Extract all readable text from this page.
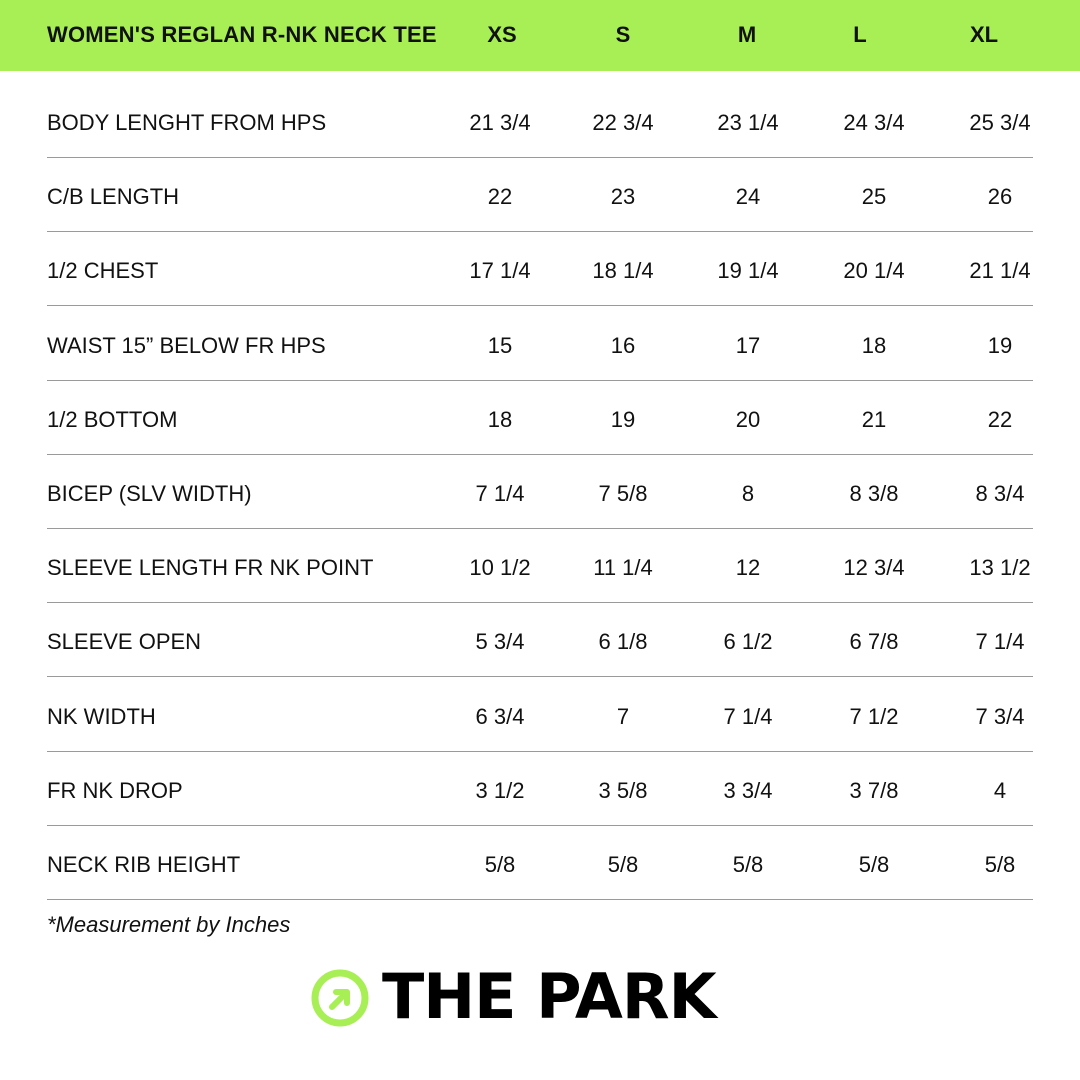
WOMEN'S REGLAN R-NK NECK TEE	XS	S	M	L	XL
BODY LENGHT FROM HPS	21 3/4	22 3/4	23 1/4	24 3/4	25 3/4
C/B LENGTH	22	23	24	25	26
1/2 CHEST	17 1/4	18 1/4	19 1/4	20 1/4	21 1/4
WAIST 15” BELOW FR HPS	15	16	17	18	19
1/2 BOTTOM	18	19	20	21	22
BICEP (SLV WIDTH)	7 1/4	7 5/8	8	8 3/8	8 3/4
SLEEVE LENGTH FR NK POINT	10 1/2	11 1/4	12	12 3/4	13 1/2
SLEEVE OPEN	5 3/4	6 1/8	6 1/2	6 7/8	7 1/4
NK WIDTH	6 3/4	7	7 1/4	7 1/2	7 3/4
FR NK DROP	3 1/2	3 5/8	3 3/4	3 7/8	4
NECK RIB HEIGHT	5/8	5/8	5/8	5/8	5/8
*Measurement by Inches
THE PARK
